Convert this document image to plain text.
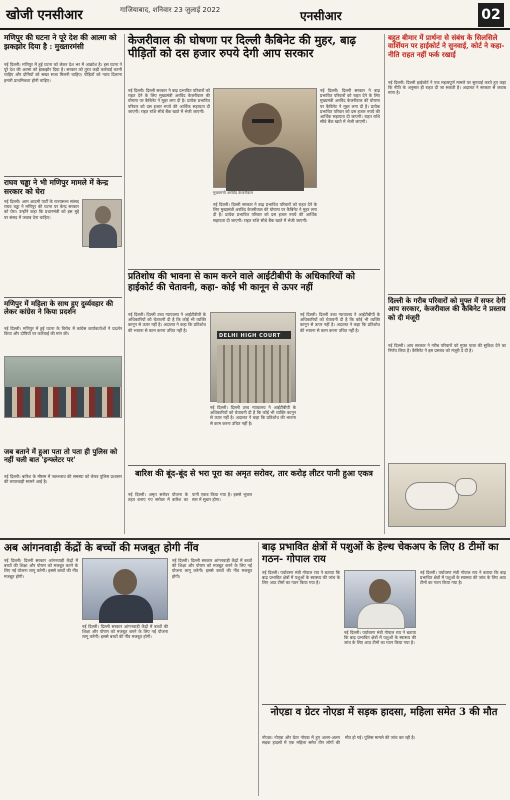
खोजी एनसीआर	गाजियाबाद, शनिवार 23 जुलाई 2022	एनसीआर	02
मणिपुर की घटना ने पूरे देश की आत्मा को झकझोर दिया है : मुख्तारमंसी
नई दिल्ली। मणिपुर में हुई घटना को लेकर देश भर में आक्रोश है। इस घटना ने पूरे देश की आत्मा को झकझोर दिया है। सरकार को तुरंत कड़ी कार्रवाई करनी चाहिए और दोषियों को सख्त सजा मिलनी चाहिए। पीड़ितों को न्याय दिलाना हमारी प्राथमिकता होनी चाहिए।
राघव चड्ढा ने भी मणिपुर मामले में केन्द्र सरकार को घेरा
नई दिल्ली। आम आदमी पार्टी के राज्यसभा सांसद राघव चड्ढा ने मणिपुर की घटना पर केन्द्र सरकार को घेरा। उन्होंने कहा कि प्रधानमंत्री को इस मुद्दे पर संसद में जवाब देना चाहिए।
मणिपुर में महिला के साथ हुए दुर्व्यवहार की लेकर कांग्रेस ने किया प्रदर्शन
नई दिल्ली। मणिपुर में हुई घटना के विरोध में कांग्रेस कार्यकर्ताओं ने प्रदर्शन किया और दोषियों पर कार्रवाई की मांग की।
जब बताने में हुआ पता तो पता ही पुलिस को नहीं चली बात 'इन्फ्लेटर पर'
नई दिल्ली। बारिश के मौसम में जलभराव की समस्या को लेकर पुलिस प्रशासन की लापरवाही सामने आई है।
केजरीवाल की घोषणा पर दिल्ली कैबिनेट की मुहर, बाढ़ पीड़ितों को दस हजार रुपये देगी आप सरकार
नई दिल्ली। दिल्ली सरकार ने बाढ़ प्रभावित परिवारों को राहत देने के लिए मुख्यमंत्री अरविंद केजरीवाल की घोषणा पर कैबिनेट ने मुहर लगा दी है। प्रत्येक प्रभावित परिवार को दस हजार रुपये की आर्थिक सहायता दी जाएगी। राहत राशि सीधे बैंक खाते में भेजी जाएगी।
मुख्यमंत्री अरविंद केजरीवाल
नई दिल्ली। दिल्ली सरकार ने बाढ़ प्रभावित परिवारों को राहत देने के लिए मुख्यमंत्री अरविंद केजरीवाल की घोषणा पर कैबिनेट ने मुहर लगा दी है। प्रत्येक प्रभावित परिवार को दस हजार रुपये की आर्थिक सहायता दी जाएगी। राहत राशि सीधे बैंक खाते में भेजी जाएगी।
नई दिल्ली। दिल्ली सरकार ने बाढ़ प्रभावित परिवारों को राहत देने के लिए मुख्यमंत्री अरविंद केजरीवाल की घोषणा पर कैबिनेट ने मुहर लगा दी है। प्रत्येक प्रभावित परिवार को दस हजार रुपये की आर्थिक सहायता दी जाएगी। राहत राशि सीधे बैंक खाते में भेजी जाएगी।
प्रतिशोध की भावना से काम करने वाले आईटीबीपी के अधिकारियों को हाईकोर्ट की चेतावनी, कहा- कोई भी कानून से ऊपर नहीं
नई दिल्ली। दिल्ली उच्च न्यायालय ने आईटीबीपी के अधिकारियों को चेतावनी दी है कि कोई भी व्यक्ति कानून से ऊपर नहीं है। अदालत ने कहा कि प्रतिशोध की भावना से काम करना उचित नहीं है।
DELHI HIGH COURT
नई दिल्ली। दिल्ली उच्च न्यायालय ने आईटीबीपी के अधिकारियों को चेतावनी दी है कि कोई भी व्यक्ति कानून से ऊपर नहीं है। अदालत ने कहा कि प्रतिशोध की भावना से काम करना उचित नहीं है।
नई दिल्ली। दिल्ली उच्च न्यायालय ने आईटीबीपी के अधिकारियों को चेतावनी दी है कि कोई भी व्यक्ति कानून से ऊपर नहीं है। अदालत ने कहा कि प्रतिशोध की भावना से काम करना उचित नहीं है।
बारिश की बूंद-बूंद से भरा पूरा का अमृत सरोवर, तार करोड़ लीटर पानी हुआ एकत्र
नई दिल्ली। अमृत सरोवर योजना के तहत बनाए गए सरोवर में बारिश का पानी एकत्र किया गया है। इससे भूजल स्तर में सुधार होगा।
बहुत बीमार में प्रार्थना से संबंध के सिलसिले वार्शियन पर हाईकोर्ट ने सुनवाई, कोर्ट ने कहा- नीति राहत नहीं फर्क रखाई
नई दिल्ली। दिल्ली हाईकोर्ट ने एक महत्वपूर्ण मामले पर सुनवाई करते हुए कहा कि नीति के अनुसार ही राहत दी जा सकती है। अदालत ने सरकार से जवाब मांगा है।
दिल्ली के गरीब परिवारों को मुफ्त में सफर देगी आप सरकार, केजरीवाल की कैबिनेट ने प्रस्ताव को दी मंजूरी
नई दिल्ली। आप सरकार ने गरीब परिवारों को मुफ्त यात्रा की सुविधा देने का निर्णय लिया है। कैबिनेट ने इस प्रस्ताव को मंजूरी दे दी है।
अब आंगनवाड़ी केंद्रों के बच्चों की मजबूत होगी नींव
नई दिल्ली। दिल्ली सरकार आंगनवाड़ी केंद्रों में बच्चों की शिक्षा और पोषण को मजबूत करने के लिए नई योजना लागू करेगी। इससे बच्चों की नींव मजबूत होगी।
नई दिल्ली। दिल्ली सरकार आंगनवाड़ी केंद्रों में बच्चों की शिक्षा और पोषण को मजबूत करने के लिए नई योजना लागू करेगी। इससे बच्चों की नींव मजबूत होगी।
नई दिल्ली। दिल्ली सरकार आंगनवाड़ी केंद्रों में बच्चों की शिक्षा और पोषण को मजबूत करने के लिए नई योजना लागू करेगी। इससे बच्चों की नींव मजबूत होगी।
बाढ़ प्रभावित क्षेत्रों में पशुओं के हेल्थ चेकअप के लिए 8 टीमों का गठन- गोपाल राय
नई दिल्ली। पर्यावरण मंत्री गोपाल राय ने बताया कि बाढ़ प्रभावित क्षेत्रों में पशुओं के स्वास्थ्य की जांच के लिए आठ टीमों का गठन किया गया है।
नई दिल्ली। पर्यावरण मंत्री गोपाल राय ने बताया कि बाढ़ प्रभावित क्षेत्रों में पशुओं के स्वास्थ्य की जांच के लिए आठ टीमों का गठन किया गया है।
नई दिल्ली। पर्यावरण मंत्री गोपाल राय ने बताया कि बाढ़ प्रभावित क्षेत्रों में पशुओं के स्वास्थ्य की जांच के लिए आठ टीमों का गठन किया गया है।
नोएडा व ग्रेटर नोएडा में सड़क हादसा, महिला समेत 3 की मौत
नोएडा। नोएडा और ग्रेटर नोएडा में हुए अलग-अलग सड़क हादसों में एक महिला समेत तीन लोगों की मौत हो गई। पुलिस मामले की जांच कर रही है।
